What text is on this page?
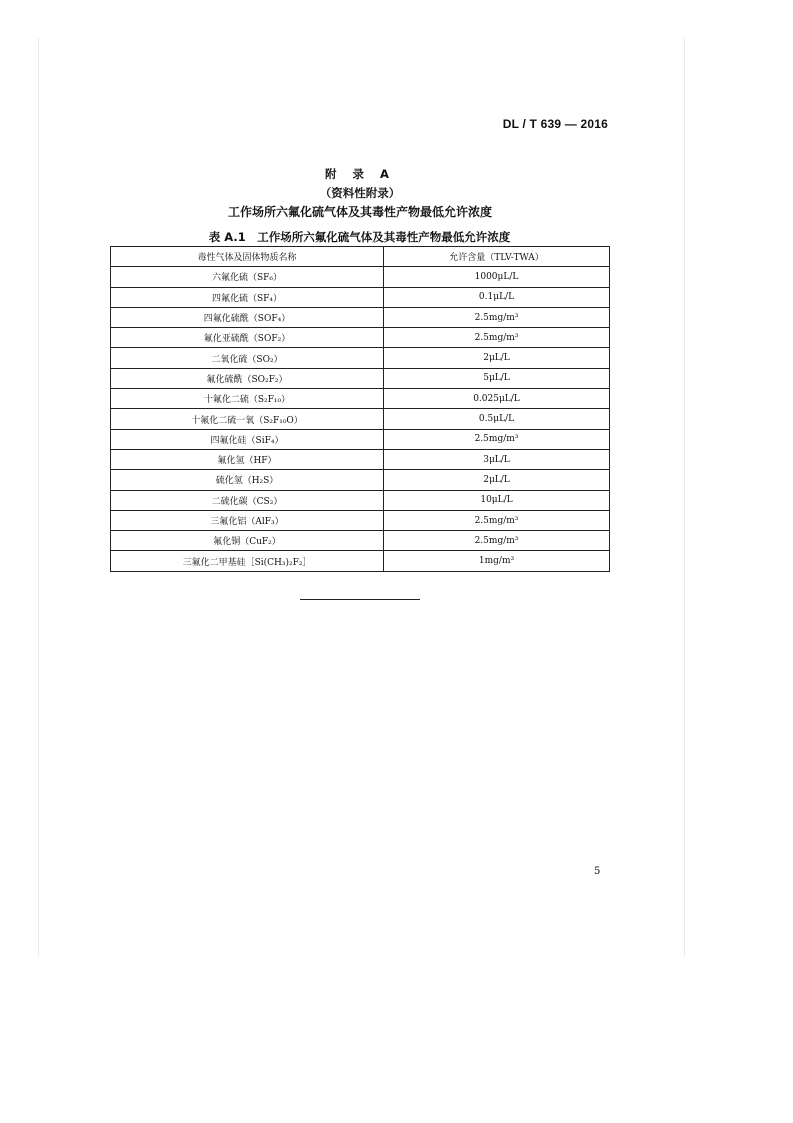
DL / T 639 — 2016
附 录 A
（资料性附录）
工作场所六氟化硫气体及其毒性产物最低允许浓度
表 A.1　工作场所六氟化硫气体及其毒性产物最低允许浓度
毒性气体及固体物质名称	允许含量（TLV-TWA）
六氟化硫（SF₆）	1000μL/L
四氟化硫（SF₄）	0.1μL/L
四氟化硫酰（SOF₄）	2.5mg/m³
氟化亚硫酰（SOF₂）	2.5mg/m³
二氧化硫（SO₂）	2μL/L
氟化硫酰（SO₂F₂）	5μL/L
十氟化二硫（S₂F₁₀）	0.025μL/L
十氟化二硫一氧（S₂F₁₀O）	0.5μL/L
四氟化硅（SiF₄）	2.5mg/m³
氟化氢（HF）	3μL/L
硫化氢（H₂S）	2μL/L
二硫化碳（CS₂）	10μL/L
三氟化铝（AlF₃）	2.5mg/m³
氟化铜（CuF₂）	2.5mg/m³
三氟化二甲基硅［Si(CH₃)₂F₂］	1mg/m³
5
